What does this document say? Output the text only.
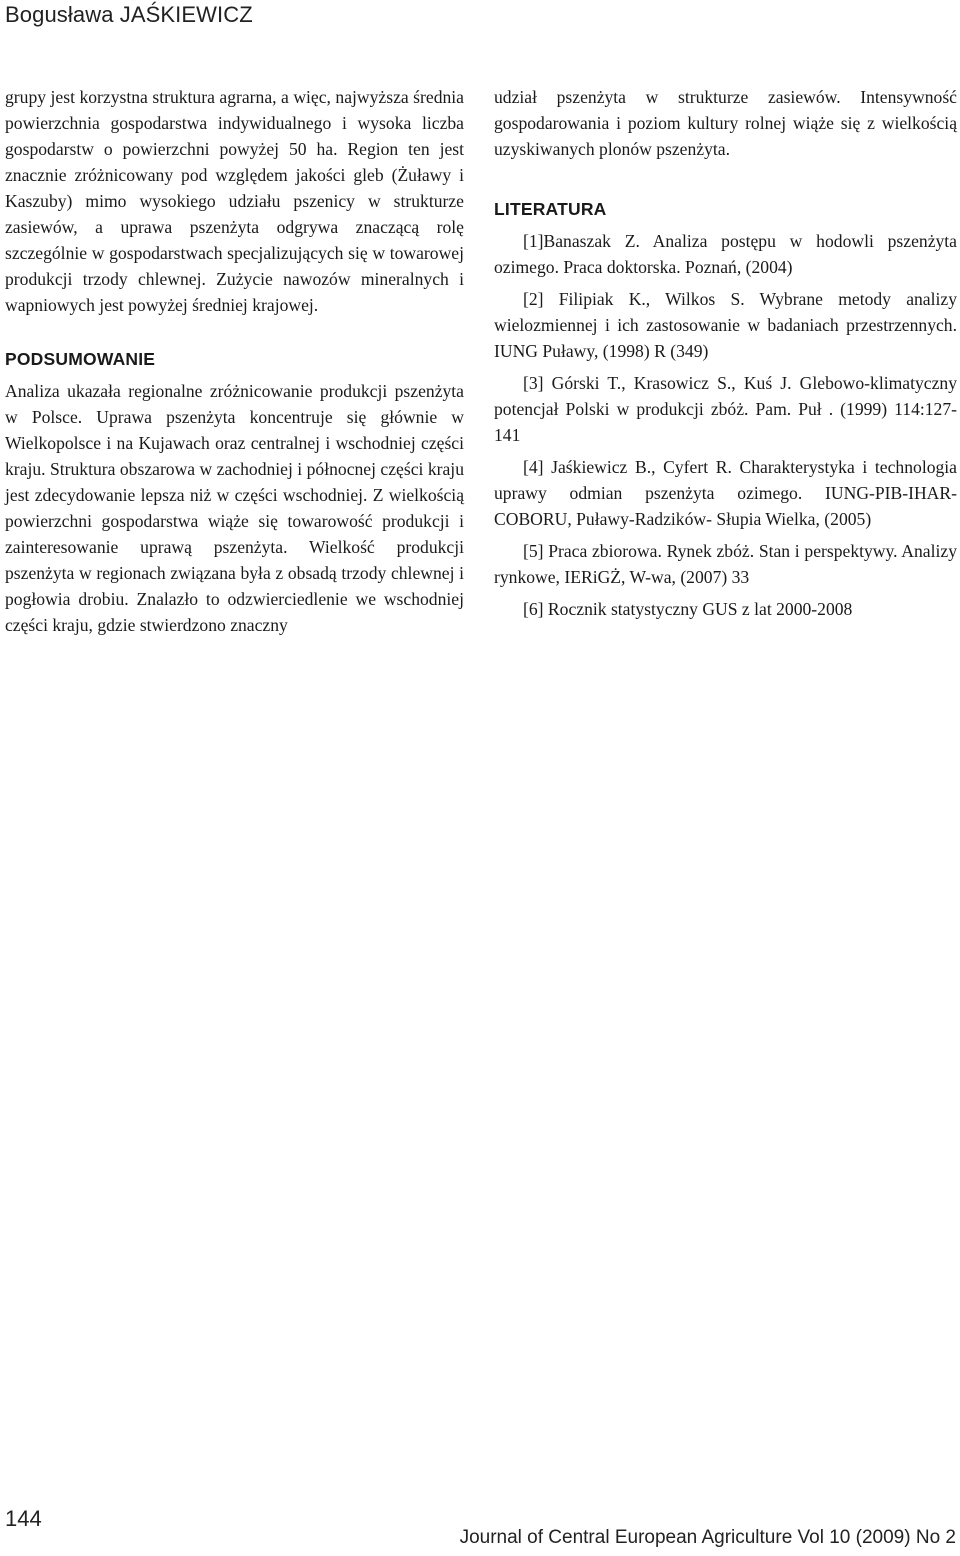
Bogusława JAŚKIEWICZ

grupy jest korzystna struktura agrarna, a więc, najwyższa średnia powierzchnia gospodarstwa indywidualnego i wysoka liczba gospodarstw o powierzchni powyżej 50 ha. Region ten jest znacznie zróżnicowany pod względem jakości gleb (Żuławy i Kaszuby) mimo wysokiego udziału pszenicy w strukturze zasiewów, a uprawa pszenżyta odgrywa znaczącą rolę szczególnie w gospodarstwach specjalizujących się w towarowej produkcji trzody chlewnej. Zużycie nawozów mineralnych i wapniowych jest powyżej średniej krajowej.

PODSUMOWANIE

Analiza ukazała regionalne zróżnicowanie produkcji pszenżyta w Polsce. Uprawa pszenżyta koncentruje się głównie w Wielkopolsce i na Kujawach oraz centralnej i wschodniej części kraju. Struktura obszarowa w zachodniej i północnej części kraju jest zdecydowanie lepsza niż w części wschodniej. Z wielkością powierzchni gospodarstwa wiąże się towarowość produkcji i zainteresowanie uprawą pszenżyta. Wielkość produkcji pszenżyta w regionach związana była z obsadą trzody chlewnej i pogłowia drobiu. Znalazło to odzwierciedlenie we wschodniej części kraju, gdzie stwierdzono znaczny

udział pszenżyta w strukturze zasiewów. Intensywność gospodarowania i poziom kultury rolnej wiąże się z wielkością uzyskiwanych plonów pszenżyta.

LITERATURA

[1]Banaszak Z. Analiza postępu w hodowli pszenżyta ozimego. Praca doktorska. Poznań, (2004)

[2] Filipiak K., Wilkos S. Wybrane metody analizy wielozmiennej i ich zastosowanie w badaniach przestrzennych. IUNG Puławy, (1998) R (349)

[3] Górski T., Krasowicz S., Kuś J. Glebowo-klimatyczny potencjał Polski w produkcji zbóż. Pam. Puł . (1999) 114:127-141

[4] Jaśkiewicz B., Cyfert R. Charakterystyka i technologia uprawy odmian pszenżyta ozimego. IUNG-PIB-IHAR-COBORU, Puławy-Radzików- Słupia Wielka, (2005)

[5] Praca zbiorowa. Rynek zbóż. Stan i perspektywy. Analizy rynkowe, IERiGŻ, W-wa, (2007) 33

[6] Rocznik statystyczny GUS z lat 2000-2008

144
Journal of Central European Agriculture Vol 10 (2009) No 2
